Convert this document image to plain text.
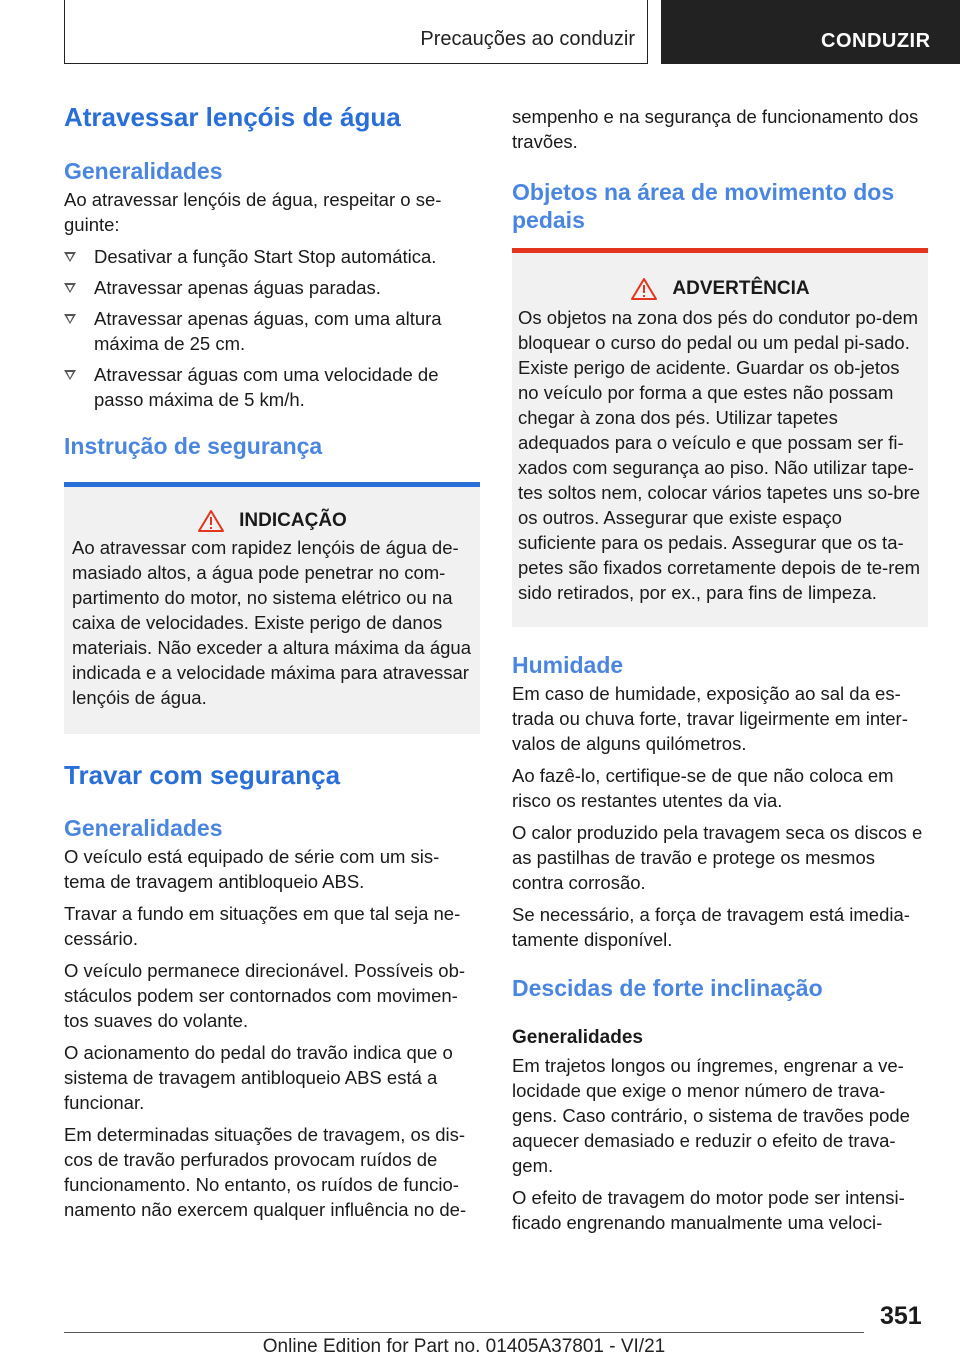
Precauções ao conduzir	CONDUZIR
Atravessar lençóis de água
Generalidades

Ao atravessar lençóis de água, respeitar o se-guinte:

Desativar a função Start Stop automática.
Atravessar apenas águas paradas.
Atravessar apenas águas, com uma altura máxima de 25 cm.
Atravessar águas com uma velocidade de passo máxima de 5 km/h.
Instrução de segurança
INDICAÇÃO

Ao atravessar com rapidez lençóis de água de-masiado altos, a água pode penetrar no com-partimento do motor, no sistema elétrico ou na caixa de velocidades. Existe perigo de danos materiais. Não exceder a altura máxima da água indicada e a velocidade máxima para atravessar lençóis de água.

Travar com segurança
Generalidades

O veículo está equipado de série com um sis-tema de travagem antibloqueio ABS.

Travar a fundo em situações em que tal seja ne-cessário.

O veículo permanece direcionável. Possíveis ob-stáculos podem ser contornados com movimen-tos suaves do volante.

O acionamento do pedal do travão indica que o sistema de travagem antibloqueio ABS está a funcionar.

Em determinadas situações de travagem, os dis-cos de travão perfurados provocam ruídos de funcionamento. No entanto, os ruídos de funcio-namento não exercem qualquer influência no de-

sempenho e na segurança de funcionamento dos travões.

Objetos na área de movimento dos pedais
ADVERTÊNCIA

Os objetos na zona dos pés do condutor po-dem bloquear o curso do pedal ou um pedal pi-sado. Existe perigo de acidente. Guardar os ob-jetos no veículo por forma a que estes não possam chegar à zona dos pés. Utilizar tapetes adequados para o veículo e que possam ser fi-xados com segurança ao piso. Não utilizar tape-tes soltos nem, colocar vários tapetes uns so-bre os outros. Assegurar que existe espaço suficiente para os pedais. Assegurar que os ta-petes são fixados corretamente depois de te-rem sido retirados, por ex., para fins de limpeza.

Humidade

Em caso de humidade, exposição ao sal da es-trada ou chuva forte, travar ligeirmente em inter-valos de alguns quilómetros.

Ao fazê-lo, certifique-se de que não coloca em risco os restantes utentes da via.

O calor produzido pela travagem seca os discos e as pastilhas de travão e protege os mesmos contra corrosão.

Se necessário, a força de travagem está imedia-tamente disponível.

Descidas de forte inclinação
Generalidades

Em trajetos longos ou íngremes, engrenar a ve-locidade que exige o menor número de trava-gens. Caso contrário, o sistema de travões pode aquecer demasiado e reduzir o efeito de trava-gem.

O efeito de travagem do motor pode ser intensi-ficado engrenando manualmente uma veloci-

351
Online Edition for Part no. 01405A37801 - VI/21
